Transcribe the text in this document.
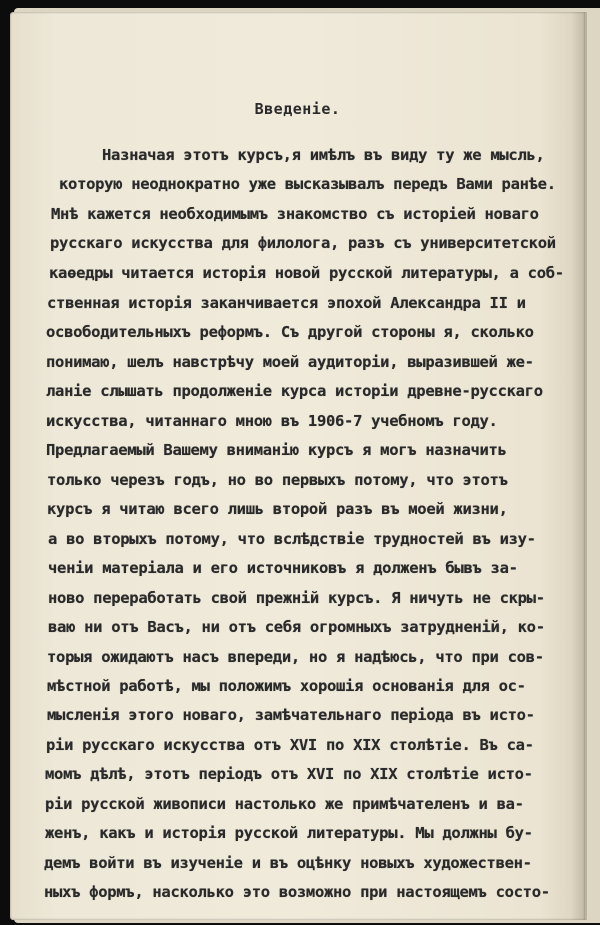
Введенiе.
Назначая этотъ курсъ,я имѣлъ въ виду ту же мысль,
которую неоднократно уже высказывалъ передъ Вами ранѣе.
Мнѣ кажется необходимымъ знакомство съ исторiей новаго
русскаго искусства для филолога, разъ съ университетской
каѳедры читается исторiя новой русской литературы, а соб-
ственная исторiя заканчивается эпохой Александра II и
освободительныхъ реформъ. Съ другой стороны я, сколько
понимаю, шелъ навстрѣчу моей аудиторiи, выразившей же-
ланiе слышать продолженiе курса исторiи древне-русскаго
искусства, читаннаго мною въ 1906-7 учебномъ году.
Предлагаемый Вашему вниманiю курсъ я могъ назначить
только черезъ годъ, но во первыхъ потому, что этотъ
курсъ я читаю всего лишь второй разъ въ моей жизни,
а во вторыхъ потому, что вслѣдствiе трудностей въ изу-
ченiи матерiала и его источниковъ я долженъ бывъ за-
ново переработать свой прежнiй курсъ. Я ничуть не скры-
ваю ни отъ Васъ, ни отъ себя огромныхъ затрудненiй, ко-
торыя ожидаютъ насъ впереди, но я надѣюсь, что при сов-
мѣстной работѣ, мы положимъ хорошiя основанiя для ос-
мысленiя этого новаго, замѣчательнаго перiода въ исто-
рiи русскаго искусства отъ XVI по XIX столѣтiе. Въ са-
момъ дѣлѣ, этотъ перiодъ отъ XVI по XIX столѣтiе исто-
рiи русской живописи настолько же примѣчателенъ и ва-
женъ, какъ и исторiя русской литературы. Мы должны бу-
демъ войти въ изученiе и въ оцѣнку новыхъ художествен-
ныхъ формъ, насколько это возможно при настоящемъ состо-
